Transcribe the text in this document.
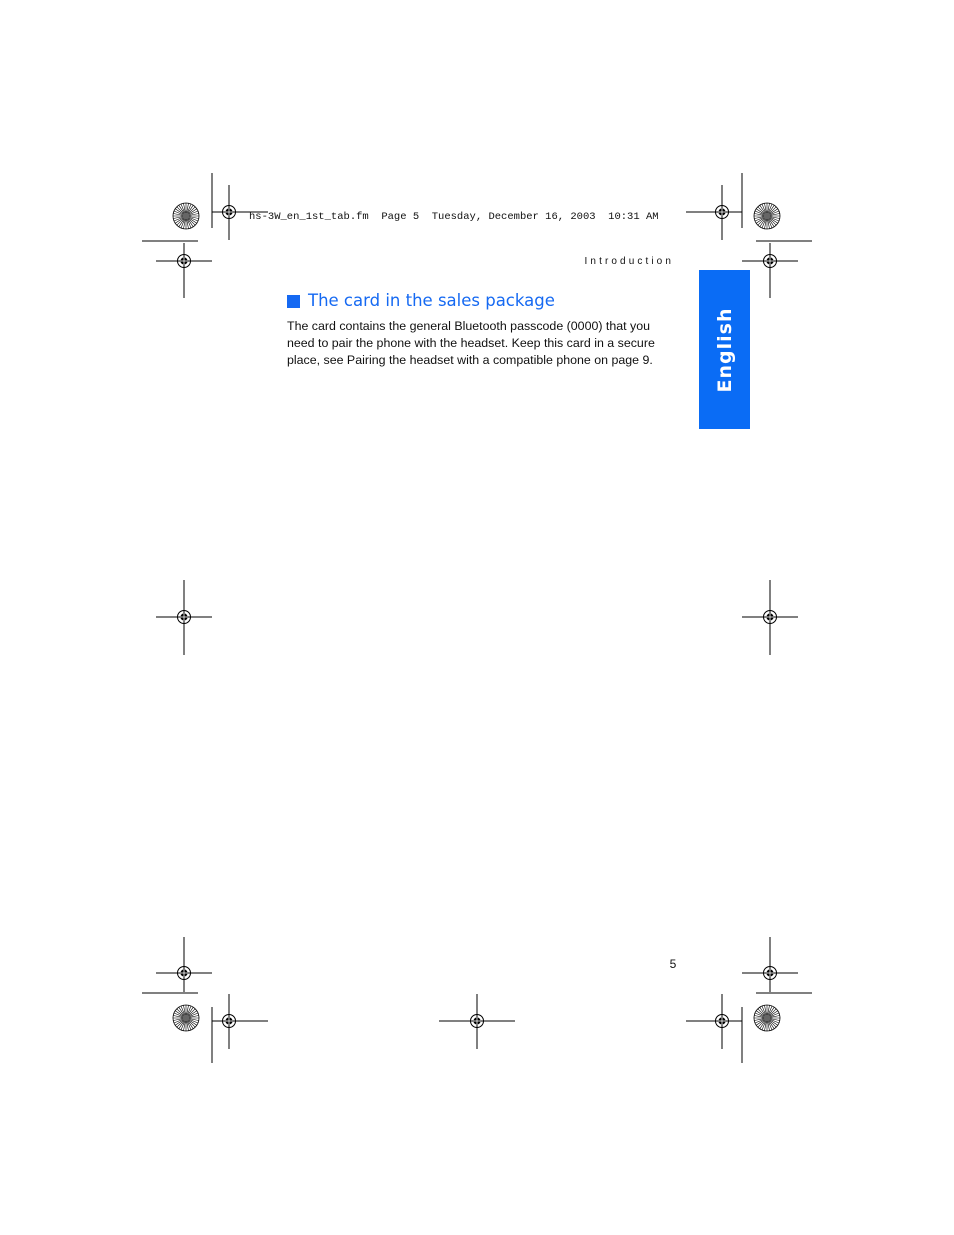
hs-3W_en_1st_tab.fm  Page 5  Tuesday, December 16, 2003  10:31 AM
Introduction
The card in the sales package

The card contains the general Bluetooth passcode (0000) that you need to pair the phone with the headset. Keep this card in a secure place, see Pairing the headset with a compatible phone on page 9.	English
5
